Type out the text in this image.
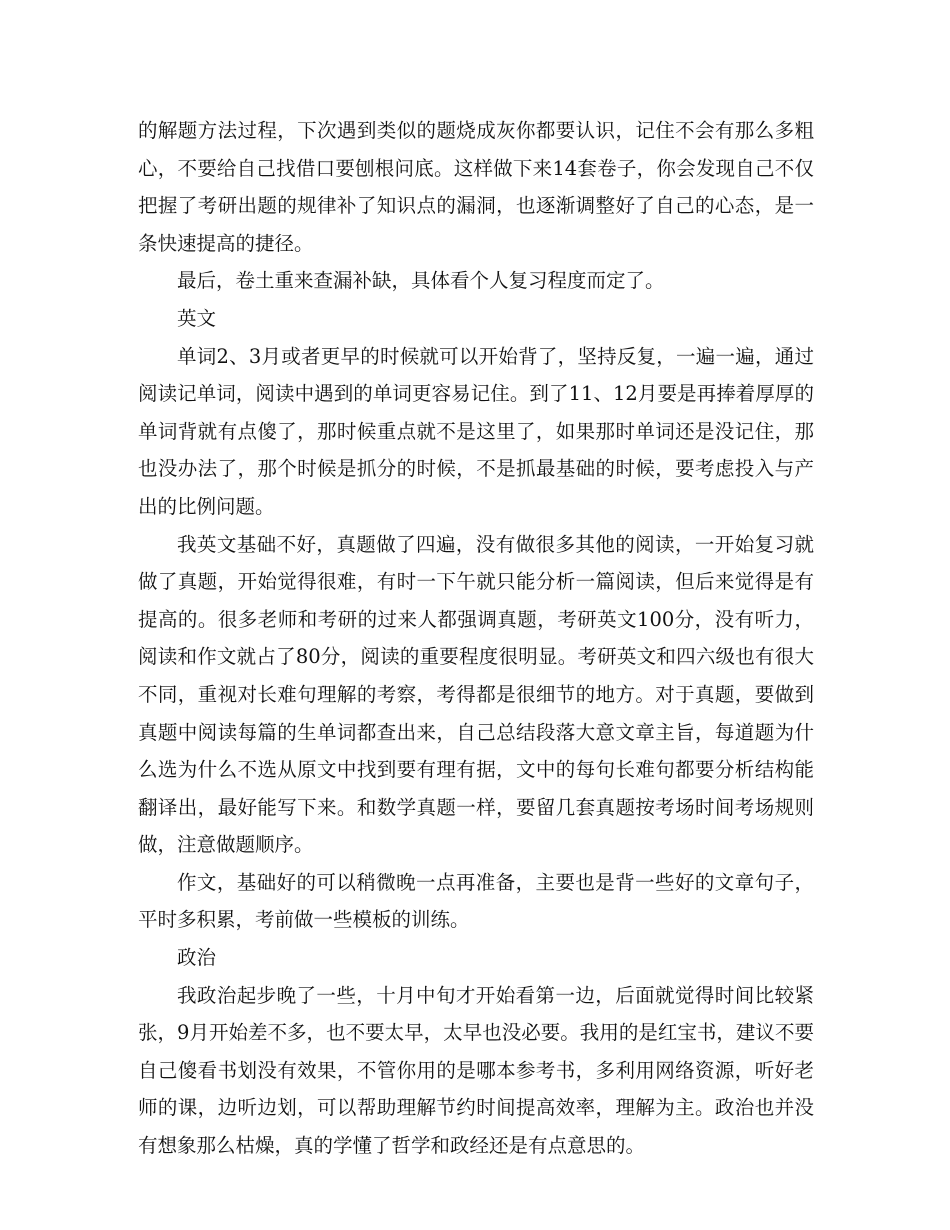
的解题方法过程，下次遇到类似的题烧成灰你都要认识，记住不会有那么多粗心，不要给自己找借口要刨根问底。这样做下来14套卷子，你会发现自己不仅把握了考研出题的规律补了知识点的漏洞，也逐渐调整好了自己的心态，是一条快速提高的捷径。

最后，卷土重来查漏补缺，具体看个人复习程度而定了。

英文

单词2、3月或者更早的时候就可以开始背了，坚持反复，一遍一遍，通过阅读记单词，阅读中遇到的单词更容易记住。到了11、12月要是再捧着厚厚的单词背就有点傻了，那时候重点就不是这里了，如果那时单词还是没记住，那也没办法了，那个时候是抓分的时候，不是抓最基础的时候，要考虑投入与产出的比例问题。

我英文基础不好，真题做了四遍，没有做很多其他的阅读，一开始复习就做了真题，开始觉得很难，有时一下午就只能分析一篇阅读，但后来觉得是有提高的。很多老师和考研的过来人都强调真题，考研英文100分，没有听力，阅读和作文就占了80分，阅读的重要程度很明显。考研英文和四六级也有很大不同，重视对长难句理解的考察，考得都是很细节的地方。对于真题，要做到真题中阅读每篇的生单词都查出来，自己总结段落大意文章主旨，每道题为什么选为什么不选从原文中找到要有理有据，文中的每句长难句都要分析结构能翻译出，最好能写下来。和数学真题一样，要留几套真题按考场时间考场规则做，注意做题顺序。

作文，基础好的可以稍微晚一点再准备，主要也是背一些好的文章句子，平时多积累，考前做一些模板的训练。

政治

我政治起步晚了一些，十月中旬才开始看第一边，后面就觉得时间比较紧张，9月开始差不多，也不要太早，太早也没必要。我用的是红宝书，建议不要自己傻看书划没有效果，不管你用的是哪本参考书，多利用网络资源，听好老师的课，边听边划，可以帮助理解节约时间提高效率，理解为主。政治也并没有想象那么枯燥，真的学懂了哲学和政经还是有点意思的。
